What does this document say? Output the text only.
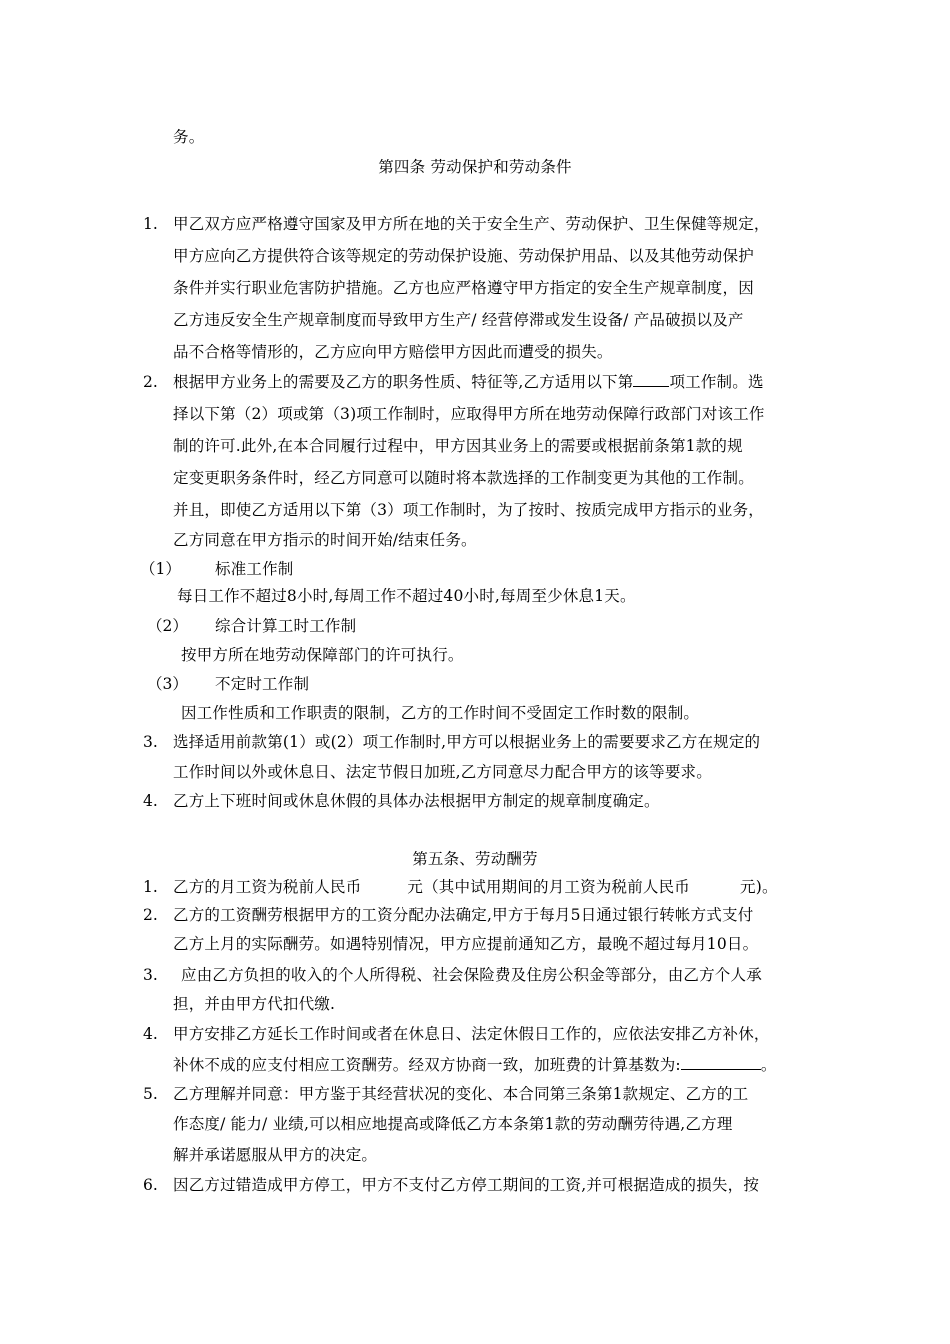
务。
第四条 劳动保护和劳动条件
1. 甲乙双方应严格遵守国家及甲方所在地的关于安全生产、劳动保护、卫生保健等规定，
甲方应向乙方提供符合该等规定的劳动保护设施、劳动保护用品、以及其他劳动保护
条件并实行职业危害防护措施。乙方也应严格遵守甲方指定的安全生产规章制度，因
乙方违反安全生产规章制度而导致甲方生产/ 经营停滞或发生设备/ 产品破损以及产
品不合格等情形的，乙方应向甲方赔偿甲方因此而遭受的损失。
2. 根据甲方业务上的需要及乙方的职务性质、特征等,乙方适用以下第 项工作制。选
择以下第（2）项或第（3)项工作制时，应取得甲方所在地劳动保障行政部门对该工作
制的许可.此外,在本合同履行过程中，甲方因其业务上的需要或根据前条第1款的规
定变更职务条件时，经乙方同意可以随时将本款选择的工作制变更为其他的工作制。
并且，即使乙方适用以下第（3）项工作制时，为了按时、按质完成甲方指示的业务，
乙方同意在甲方指示的时间开始/结束任务。
（1） 标准工作制
每日工作不超过8小时,每周工作不超过40小时,每周至少休息1天。
（2） 综合计算工时工作制
按甲方所在地劳动保障部门的许可执行。
（3） 不定时工作制
因工作性质和工作职责的限制，乙方的工作时间不受固定工作时数的限制。
3. 选择适用前款第(1）或(2）项工作制时,甲方可以根据业务上的需要要求乙方在规定的
工作时间以外或休息日、法定节假日加班,乙方同意尽力配合甲方的该等要求。
4. 乙方上下班时间或休息休假的具体办法根据甲方制定的规章制度确定。
第五条、劳动酬劳
1. 乙方的月工资为税前人民币	元（其中试用期间的月工资为税前人民币	元)。
2. 乙方的工资酬劳根据甲方的工资分配办法确定,甲方于每月5日通过银行转帐方式支付
乙方上月的实际酬劳。如遇特别情况，甲方应提前通知乙方，最晚不超过每月10日。
3. 应由乙方负担的收入的个人所得税、社会保险费及住房公积金等部分，由乙方个人承
担，并由甲方代扣代缴.
4. 甲方安排乙方延长工作时间或者在休息日、法定休假日工作的，应依法安排乙方补休，
补休不成的应支付相应工资酬劳。经双方协商一致，加班费的计算基数为:	。
5. 乙方理解并同意：甲方鉴于其经营状况的变化、本合同第三条第1款规定、乙方的工
作态度/ 能力/ 业绩,可以相应地提高或降低乙方本条第1款的劳动酬劳待遇,乙方理
解并承诺愿服从甲方的决定。
6. 因乙方过错造成甲方停工，甲方不支付乙方停工期间的工资,并可根据造成的损失，按
